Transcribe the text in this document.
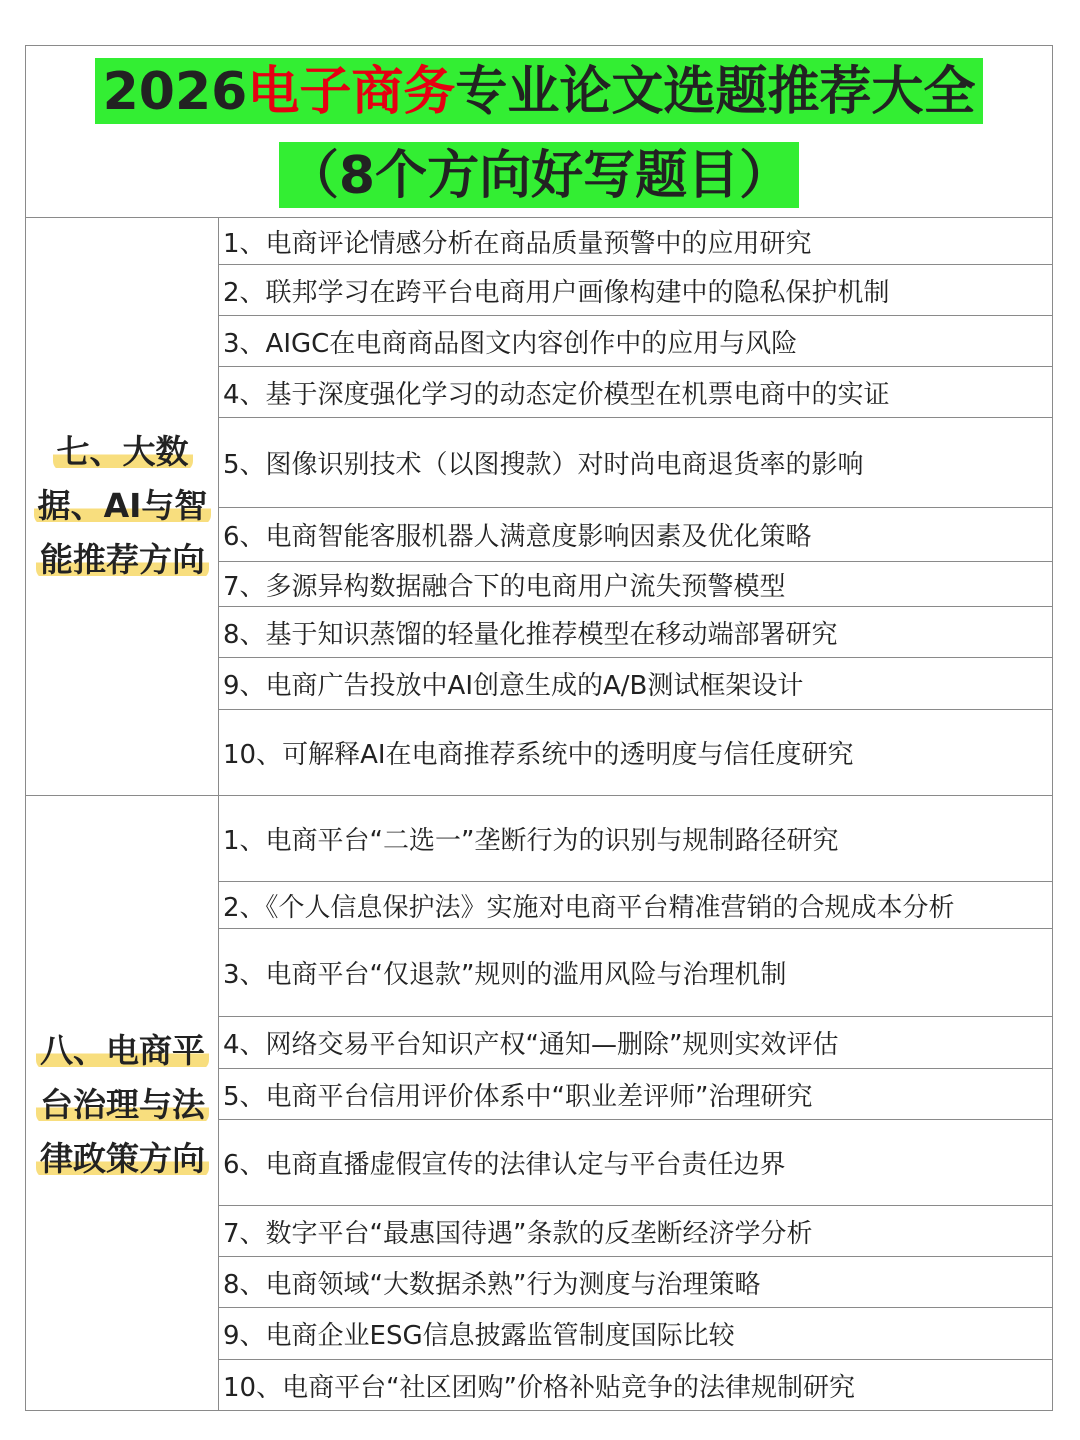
2026电子商务专业论文选题推荐大全
（8个方向好写题目）
七、大数
据、AI与智
能推荐方向
1、电商评论情感分析在商品质量预警中的应用研究
2、联邦学习在跨平台电商用户画像构建中的隐私保护机制
3、AIGC在电商商品图文内容创作中的应用与风险
4、基于深度强化学习的动态定价模型在机票电商中的实证
5、图像识别技术（以图搜款）对时尚电商退货率的影响
6、电商智能客服机器人满意度影响因素及优化策略
7、多源异构数据融合下的电商用户流失预警模型
8、基于知识蒸馏的轻量化推荐模型在移动端部署研究
9、电商广告投放中AI创意生成的A/B测试框架设计
10、可解释AI在电商推荐系统中的透明度与信任度研究
八、电商平
台治理与法
律政策方向
1、电商平台“二选一”垄断行为的识别与规制路径研究
2、《个人信息保护法》实施对电商平台精准营销的合规成本分析
3、电商平台“仅退款”规则的滥用风险与治理机制
4、网络交易平台知识产权“通知—删除”规则实效评估
5、电商平台信用评价体系中“职业差评师”治理研究
6、电商直播虚假宣传的法律认定与平台责任边界
7、数字平台“最惠国待遇”条款的反垄断经济学分析
8、电商领域“大数据杀熟”行为测度与治理策略
9、电商企业ESG信息披露监管制度国际比较
10、电商平台“社区团购”价格补贴竞争的法律规制研究
